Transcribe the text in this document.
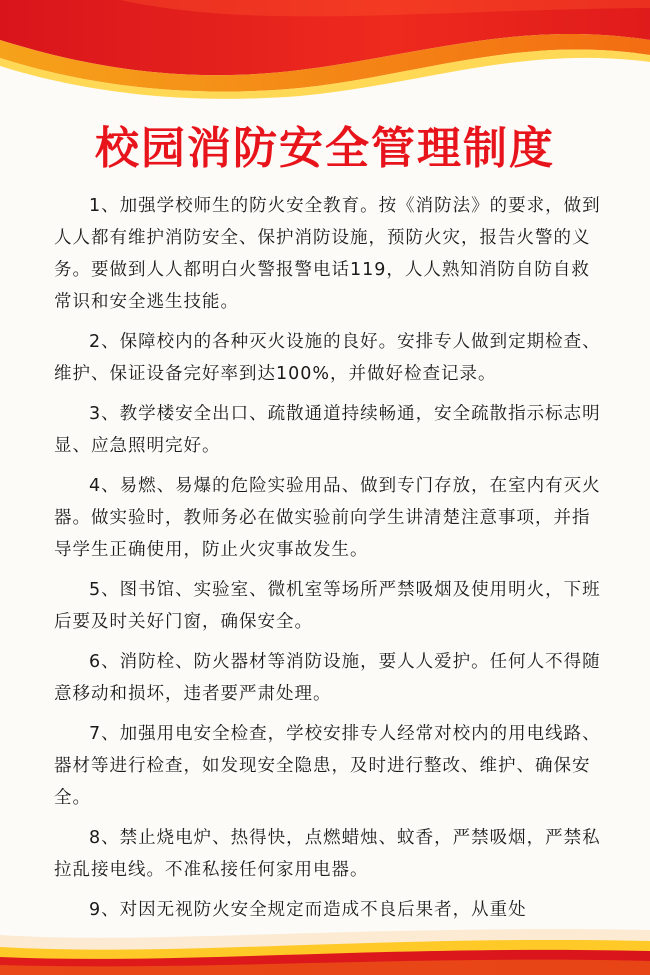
校园消防安全管理制度

1、加强学校师生的防火安全教育。按《消防法》的要求，做到人人都有维护消防安全、保护消防设施，预防火灾，报告火警的义务。要做到人人都明白火警报警电话119，人人熟知消防自防自救常识和安全逃生技能。

2、保障校内的各种灭火设施的良好。安排专人做到定期检查、维护、保证设备完好率到达100%，并做好检查记录。

3、教学楼安全出口、疏散通道持续畅通，安全疏散指示标志明显、应急照明完好。

4、易燃、易爆的危险实验用品、做到专门存放，在室内有灭火器。做实验时，教师务必在做实验前向学生讲清楚注意事项，并指导学生正确使用，防止火灾事故发生。

5、图书馆、实验室、微机室等场所严禁吸烟及使用明火，下班后要及时关好门窗，确保安全。

6、消防栓、防火器材等消防设施，要人人爱护。任何人不得随意移动和损坏，违者要严肃处理。

7、加强用电安全检查，学校安排专人经常对校内的用电线路、器材等进行检查，如发现安全隐患，及时进行整改、维护、确保安全。

8、禁止烧电炉、热得快，点燃蜡烛、蚊香，严禁吸烟，严禁私拉乱接电线。不准私接任何家用电器。

9、对因无视防火安全规定而造成不良后果者，从重处
